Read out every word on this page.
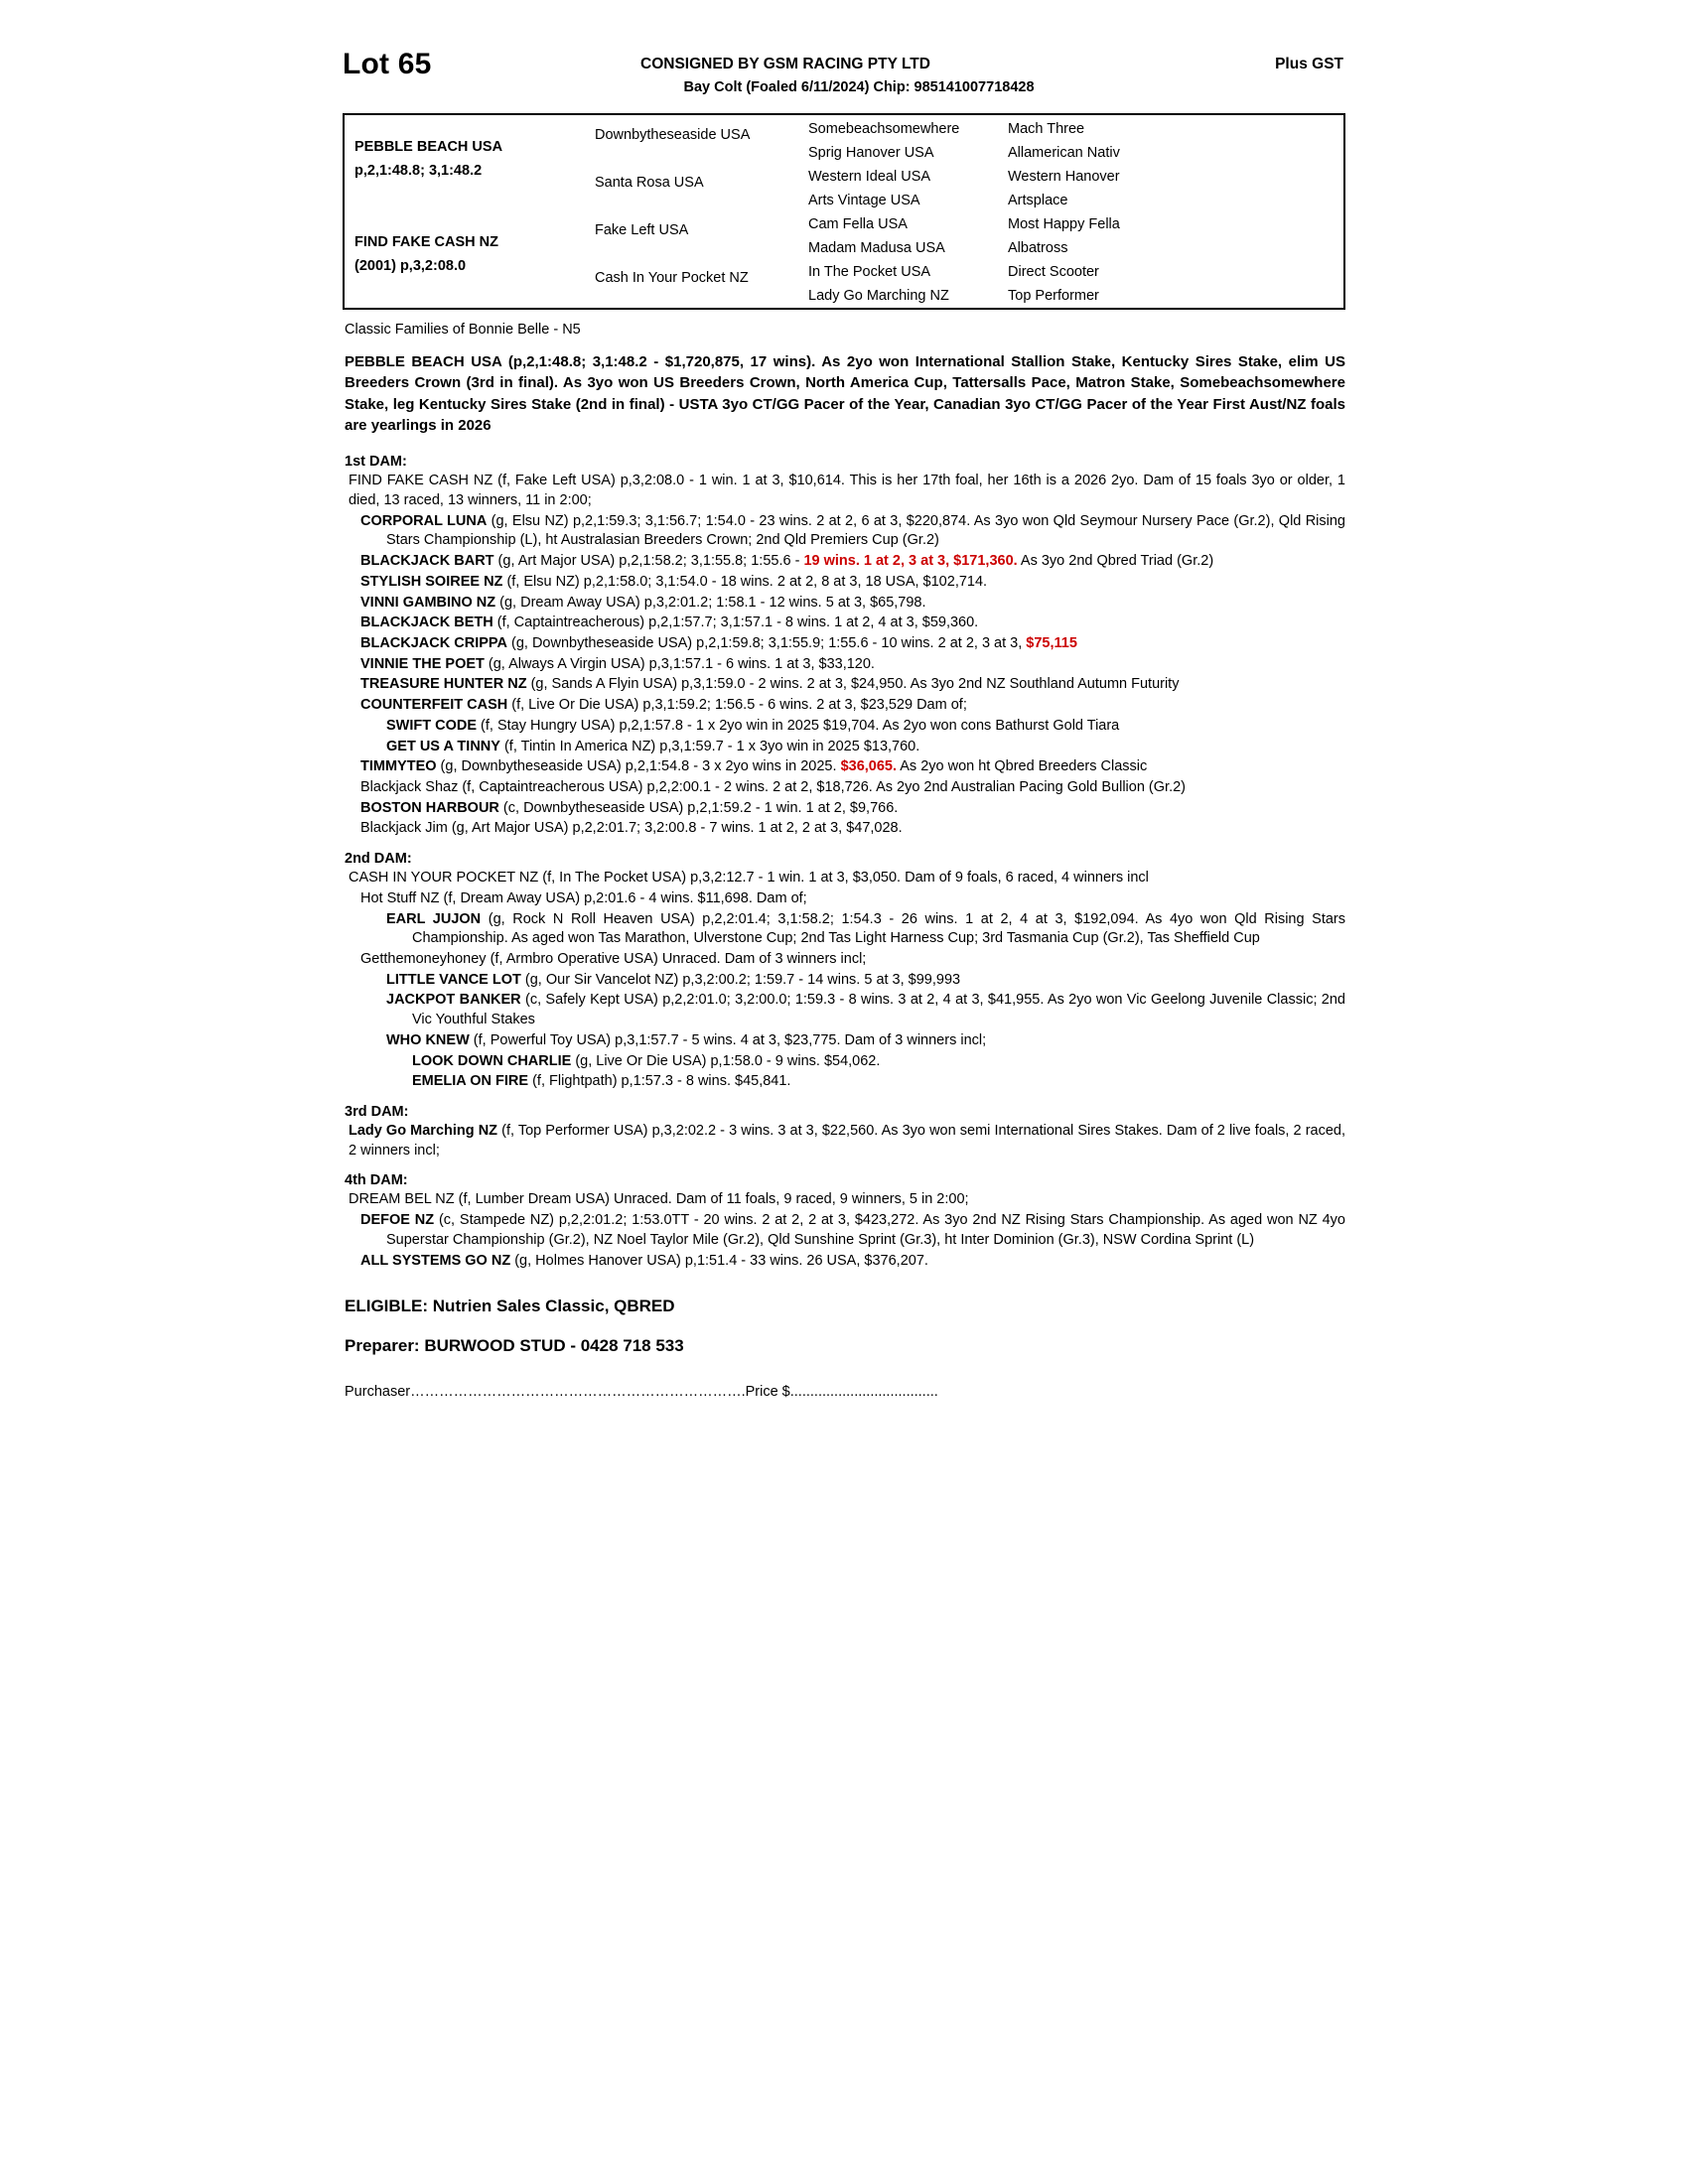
Lot 65	CONSIGNED BY GSM RACING PTY LTD	Plus GST
Bay Colt (Foaled 6/11/2024) Chip: 985141007718428
PEBBLE BEACH USA
p,2,1:48.8; 3,1:48.2
FIND FAKE CASH NZ
(2001) p,3,2:08.0
Downbytheseaside USA
Santa Rosa USA
Fake Left USA
Cash In Your Pocket NZ
Somebeachsomewhere
Sprig Hanover USA
Western Ideal USA
Arts Vintage USA
Cam Fella USA
Madam Madusa USA
In The Pocket USA
Lady Go Marching NZ
Mach Three
Allamerican Nativ
Western Hanover
Artsplace
Most Happy Fella
Albatross
Direct Scooter
Top Performer
Classic Families of Bonnie Belle - N5
PEBBLE BEACH USA (p,2,1:48.8; 3,1:48.2 - $1,720,875, 17 wins). As 2yo won International Stallion Stake, Kentucky Sires Stake, elim US Breeders Crown (3rd in final). As 3yo won US Breeders Crown, North America Cup, Tattersalls Pace, Matron Stake, Somebeachsomewhere Stake, leg Kentucky Sires Stake (2nd in final) - USTA 3yo CT/GG Pacer of the Year, Canadian 3yo CT/GG Pacer of the Year First Aust/NZ foals are yearlings in 2026
1st DAM:
FIND FAKE CASH NZ (f, Fake Left USA) p,3,2:08.0 - 1 win. 1 at 3, $10,614. This is her 17th foal, her 16th is a 2026 2yo. Dam of 15 foals 3yo or older, 1 died, 13 raced, 13 winners, 11 in 2:00;
CORPORAL LUNA (g, Elsu NZ) p,2,1:59.3; 3,1:56.7; 1:54.0 - 23 wins. 2 at 2, 6 at 3, $220,874. As 3yo won Qld Seymour Nursery Pace (Gr.2), Qld Rising Stars Championship (L), ht Australasian Breeders Crown; 2nd Qld Premiers Cup (Gr.2)
BLACKJACK BART (g, Art Major USA) p,2,1:58.2; 3,1:55.8; 1:55.6 - 19 wins. 1 at 2, 3 at 3, $171,360. As 3yo 2nd Qbred Triad (Gr.2)
STYLISH SOIREE NZ (f, Elsu NZ) p,2,1:58.0; 3,1:54.0 - 18 wins. 2 at 2, 8 at 3, 18 USA, $102,714.
VINNI GAMBINO NZ (g, Dream Away USA) p,3,2:01.2; 1:58.1 - 12 wins. 5 at 3, $65,798.
BLACKJACK BETH (f, Captaintreacherous) p,2,1:57.7; 3,1:57.1 - 8 wins. 1 at 2, 4 at 3, $59,360.
BLACKJACK CRIPPA (g, Downbytheseaside USA) p,2,1:59.8; 3,1:55.9; 1:55.6 - 10 wins. 2 at 2, 3 at 3, $75,115
VINNIE THE POET (g, Always A Virgin USA) p,3,1:57.1 - 6 wins. 1 at 3, $33,120.
TREASURE HUNTER NZ (g, Sands A Flyin USA) p,3,1:59.0 - 2 wins. 2 at 3, $24,950. As 3yo 2nd NZ Southland Autumn Futurity
COUNTERFEIT CASH (f, Live Or Die USA) p,3,1:59.2; 1:56.5 - 6 wins. 2 at 3, $23,529 Dam of;
SWIFT CODE (f, Stay Hungry USA) p,2,1:57.8 - 1 x 2yo win in 2025 $19,704. As 2yo won cons Bathurst Gold Tiara
GET US A TINNY (f, Tintin In America NZ) p,3,1:59.7 - 1 x 3yo win in 2025 $13,760.
TIMMYTEO (g, Downbytheseaside USA) p,2,1:54.8 - 3 x 2yo wins in 2025. $36,065. As 2yo won ht Qbred Breeders Classic
Blackjack Shaz (f, Captaintreacherous USA) p,2,2:00.1 - 2 wins. 2 at 2, $18,726. As 2yo 2nd Australian Pacing Gold Bullion (Gr.2)
BOSTON HARBOUR (c, Downbytheseaside USA) p,2,1:59.2 - 1 win. 1 at 2, $9,766.
Blackjack Jim (g, Art Major USA) p,2,2:01.7; 3,2:00.8 - 7 wins. 1 at 2, 2 at 3, $47,028.
2nd DAM:
CASH IN YOUR POCKET NZ (f, In The Pocket USA) p,3,2:12.7 - 1 win. 1 at 3, $3,050. Dam of 9 foals, 6 raced, 4 winners incl
Hot Stuff NZ (f, Dream Away USA) p,2:01.6 - 4 wins. $11,698. Dam of;
EARL JUJON (g, Rock N Roll Heaven USA) p,2,2:01.4; 3,1:58.2; 1:54.3 - 26 wins. 1 at 2, 4 at 3, $192,094. As 4yo won Qld Rising Stars Championship. As aged won Tas Marathon, Ulverstone Cup; 2nd Tas Light Harness Cup; 3rd Tasmania Cup (Gr.2), Tas Sheffield Cup
Getthemoneyhoney (f, Armbro Operative USA) Unraced. Dam of 3 winners incl;
LITTLE VANCE LOT (g, Our Sir Vancelot NZ) p,3,2:00.2; 1:59.7 - 14 wins. 5 at 3, $99,993
JACKPOT BANKER (c, Safely Kept USA) p,2,2:01.0; 3,2:00.0; 1:59.3 - 8 wins. 3 at 2, 4 at 3, $41,955. As 2yo won Vic Geelong Juvenile Classic; 2nd Vic Youthful Stakes
WHO KNEW (f, Powerful Toy USA) p,3,1:57.7 - 5 wins. 4 at 3, $23,775. Dam of 3 winners incl;
LOOK DOWN CHARLIE (g, Live Or Die USA) p,1:58.0 - 9 wins. $54,062.
EMELIA ON FIRE (f, Flightpath) p,1:57.3 - 8 wins. $45,841.
3rd DAM:
Lady Go Marching NZ (f, Top Performer USA) p,3,2:02.2 - 3 wins. 3 at 3, $22,560. As 3yo won semi International Sires Stakes. Dam of 2 live foals, 2 raced, 2 winners incl;
4th DAM:
DREAM BEL NZ (f, Lumber Dream USA) Unraced. Dam of 11 foals, 9 raced, 9 winners, 5 in 2:00;
DEFOE NZ (c, Stampede NZ) p,2,2:01.2; 1:53.0TT - 20 wins. 2 at 2, 2 at 3, $423,272. As 3yo 2nd NZ Rising Stars Championship. As aged won NZ 4yo Superstar Championship (Gr.2), NZ Noel Taylor Mile (Gr.2), Qld Sunshine Sprint (Gr.3), ht Inter Dominion (Gr.3), NSW Cordina Sprint (L)
ALL SYSTEMS GO NZ (g, Holmes Hanover USA) p,1:51.4 - 33 wins. 26 USA, $376,207.
ELIGIBLE: Nutrien Sales Classic, QBRED
Preparer: BURWOOD STUD - 0428 718 533
Purchaser…………………………………………………………….Price $.....................................
